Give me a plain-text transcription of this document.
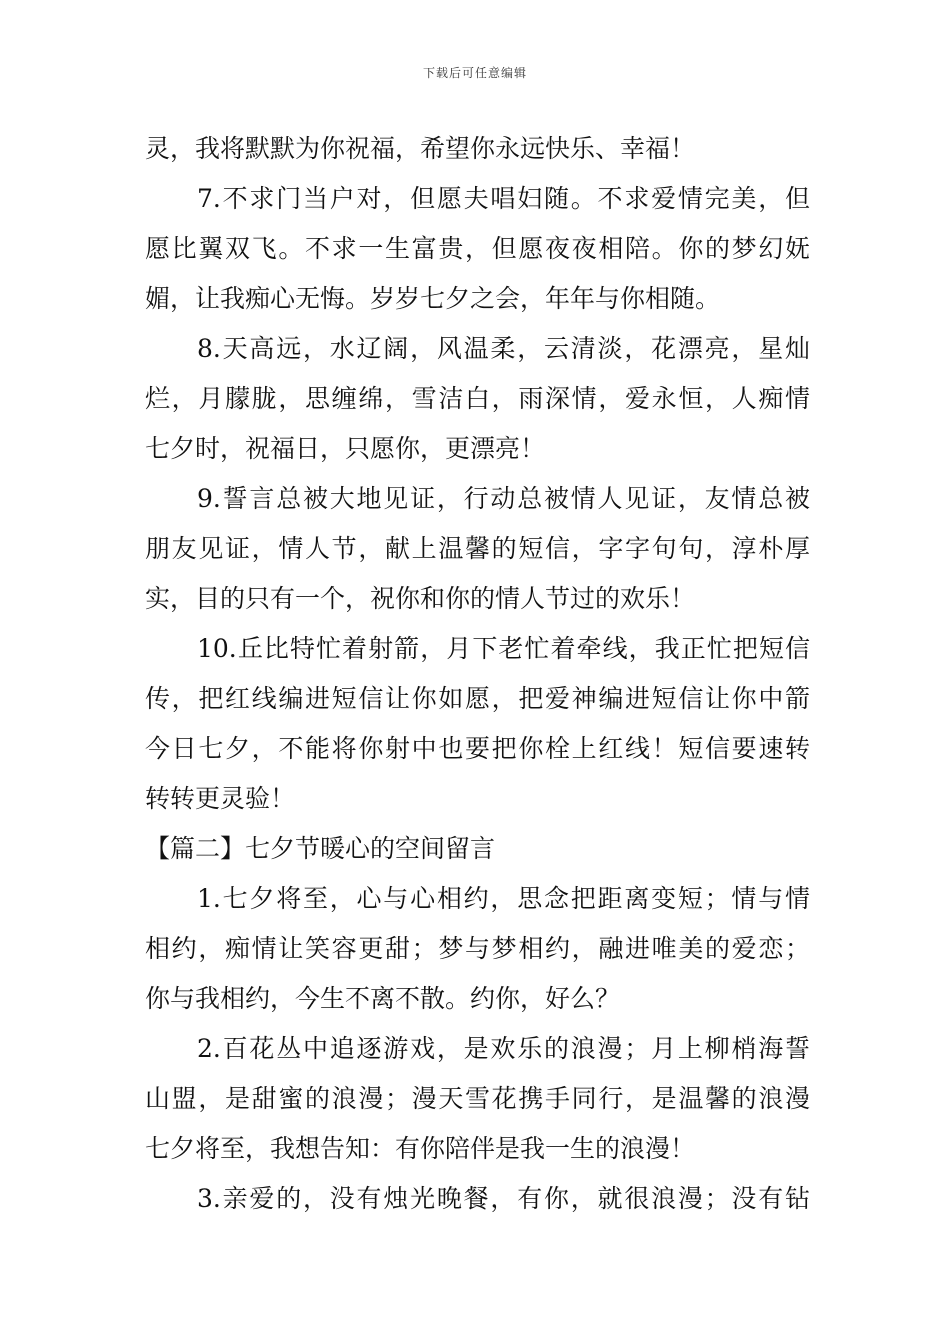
下载后可任意编辑
灵，我将默默为你祝福，希望你永远快乐、幸福！
7.不求门当户对，但愿夫唱妇随。不求爱情完美，但
愿比翼双飞。不求一生富贵，但愿夜夜相陪。你的梦幻妩
媚，让我痴心无悔。岁岁七夕之会，年年与你相随。
8.天高远，水辽阔，风温柔，云清淡，花漂亮，星灿
烂，月朦胧，思缠绵，雪洁白，雨深情，爱永恒，人痴情
七夕时，祝福日，只愿你，更漂亮！
9.誓言总被大地见证，行动总被情人见证，友情总被
朋友见证，情人节，献上温馨的短信，字字句句，淳朴厚
实，目的只有一个，祝你和你的情人节过的欢乐！
10.丘比特忙着射箭，月下老忙着牵线，我正忙把短信
传，把红线编进短信让你如愿，把爱神编进短信让你中箭
今日七夕，不能将你射中也要把你栓上红线！短信要速转
转转更灵验！
【篇二】七夕节暖心的空间留言
1.七夕将至，心与心相约，思念把距离变短；情与情
相约，痴情让笑容更甜；梦与梦相约，融进唯美的爱恋；
你与我相约，今生不离不散。约你，好么？
2.百花丛中追逐游戏，是欢乐的浪漫；月上柳梢海誓
山盟，是甜蜜的浪漫；漫天雪花携手同行，是温馨的浪漫
七夕将至，我想告知：有你陪伴是我一生的浪漫！
3.亲爱的，没有烛光晚餐，有你，就很浪漫；没有钻
